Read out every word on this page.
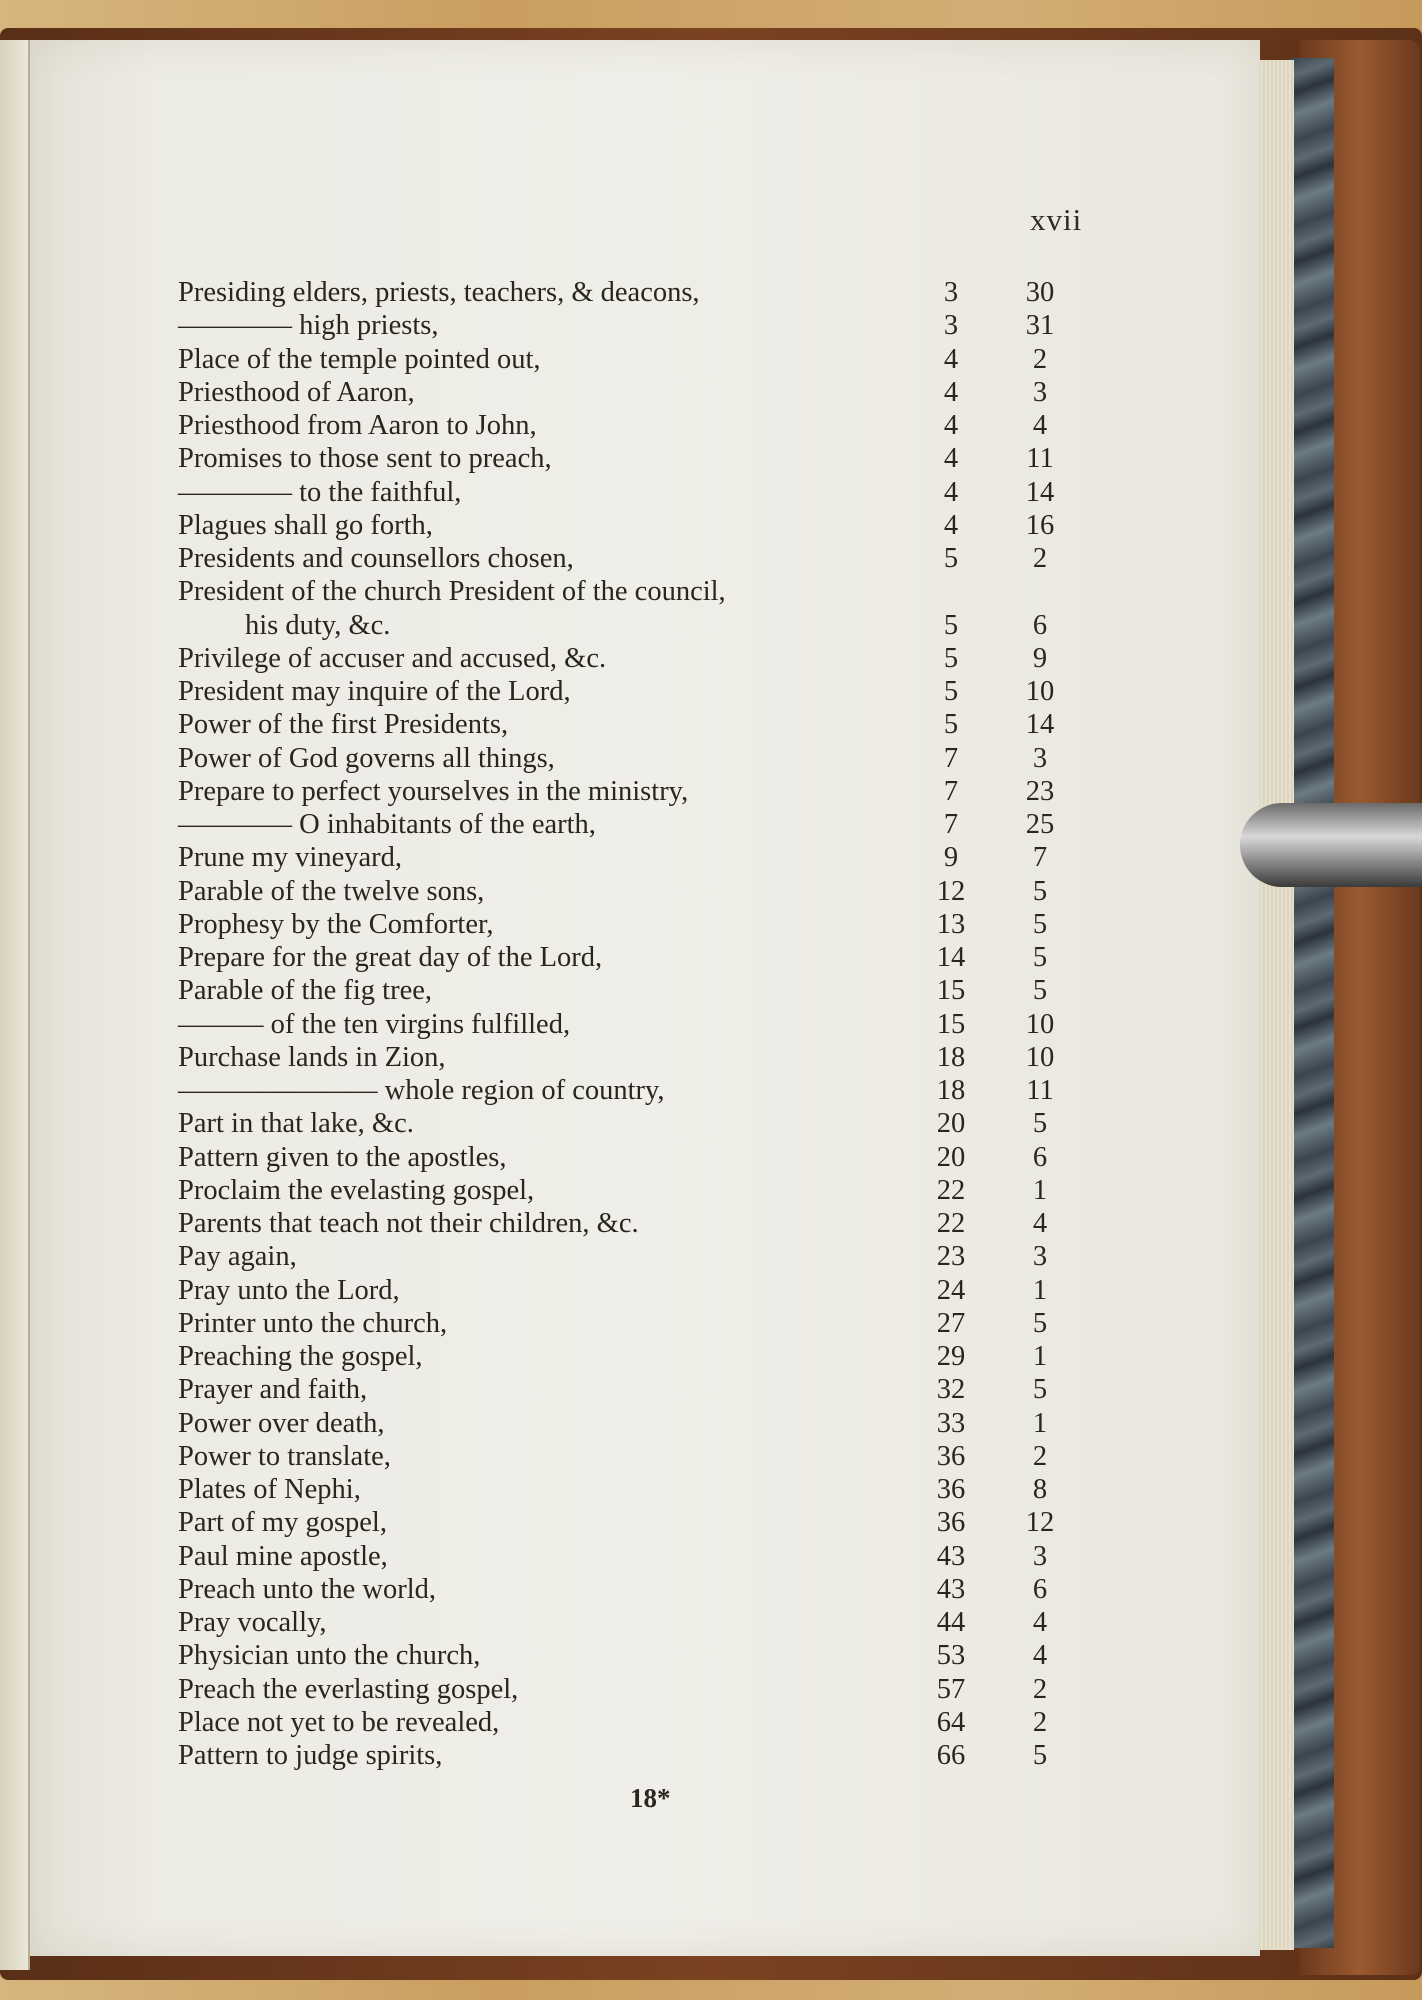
xvii
Presiding elders, priests, teachers, & deacons,	3	30
———— high priests,	3	31
Place of the temple pointed out,	4	2
Priesthood of Aaron,	4	3
Priesthood from Aaron to John,	4	4
Promises to those sent to preach,	4	11
———— to the faithful,	4	14
Plagues shall go forth,	4	16
Presidents and counsellors chosen,	5	2
President of the church President of the council,
his duty, &c.	5	6
Privilege of accuser and accused, &c.	5	9
President may inquire of the Lord,	5	10
Power of the first Presidents,	5	14
Power of God governs all things,	7	3
Prepare to perfect yourselves in the ministry,	7	23
———— O inhabitants of the earth,	7	25
Prune my vineyard,	9	7
Parable of the twelve sons,	12	5
Prophesy by the Comforter,	13	5
Prepare for the great day of the Lord,	14	5
Parable of the fig tree,	15	5
——— of the ten virgins fulfilled,	15	10
Purchase lands in Zion,	18	10
——————— whole region of country,	18	11
Part in that lake, &c.	20	5
Pattern given to the apostles,	20	6
Proclaim the evelasting gospel,	22	1
Parents that teach not their children, &c.	22	4
Pay again,	23	3
Pray unto the Lord,	24	1
Printer unto the church,	27	5
Preaching the gospel,	29	1
Prayer and faith,	32	5
Power over death,	33	1
Power to translate,	36	2
Plates of Nephi,	36	8
Part of my gospel,	36	12
Paul mine apostle,	43	3
Preach unto the world,	43	6
Pray vocally,	44	4
Physician unto the church,	53	4
Preach the everlasting gospel,	57	2
Place not yet to be revealed,	64	2
Pattern to judge spirits,	66	5
18*
